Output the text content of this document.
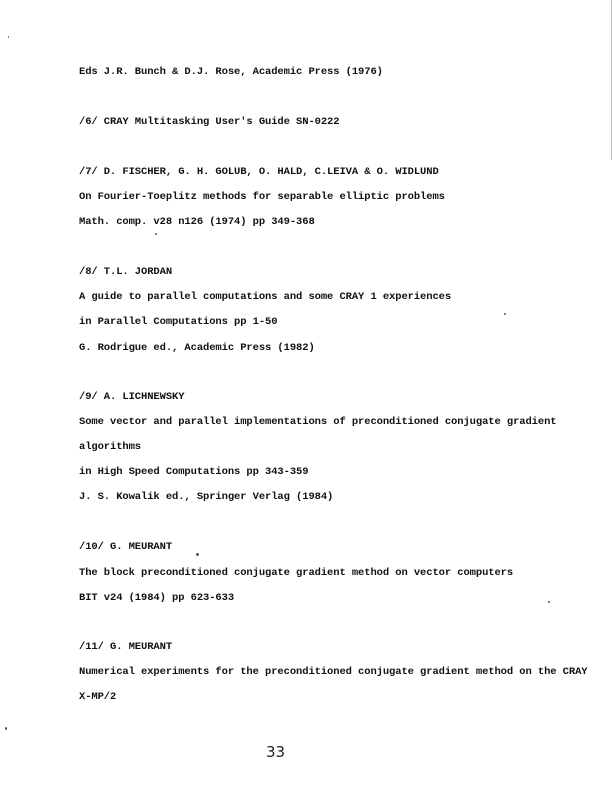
Eds J.R. Bunch & D.J. Rose, Academic Press (1976)
/6/ CRAY Multitasking User's Guide SN-0222
/7/ D. FISCHER, G. H. GOLUB, O. HALD, C.LEIVA & O. WIDLUND
On Fourier-Toeplitz methods for separable elliptic problems
Math. comp. v28 n126 (1974) pp 349-368
/8/ T.L. JORDAN
A guide to parallel computations and some CRAY 1 experiences
in Parallel Computations pp 1-50
G. Rodrigue ed., Academic Press (1982)
/9/ A. LICHNEWSKY
Some vector and parallel implementations of preconditioned conjugate gradient
algorithms
in High Speed Computations pp 343-359
J. S. Kowalik ed., Springer Verlag (1984)
/10/ G. MEURANT
The block preconditioned conjugate gradient method on vector computers
BIT v24 (1984) pp 623-633
/11/ G. MEURANT
Numerical experiments for the preconditioned conjugate gradient method on the CRAY
X-MP/2
33
